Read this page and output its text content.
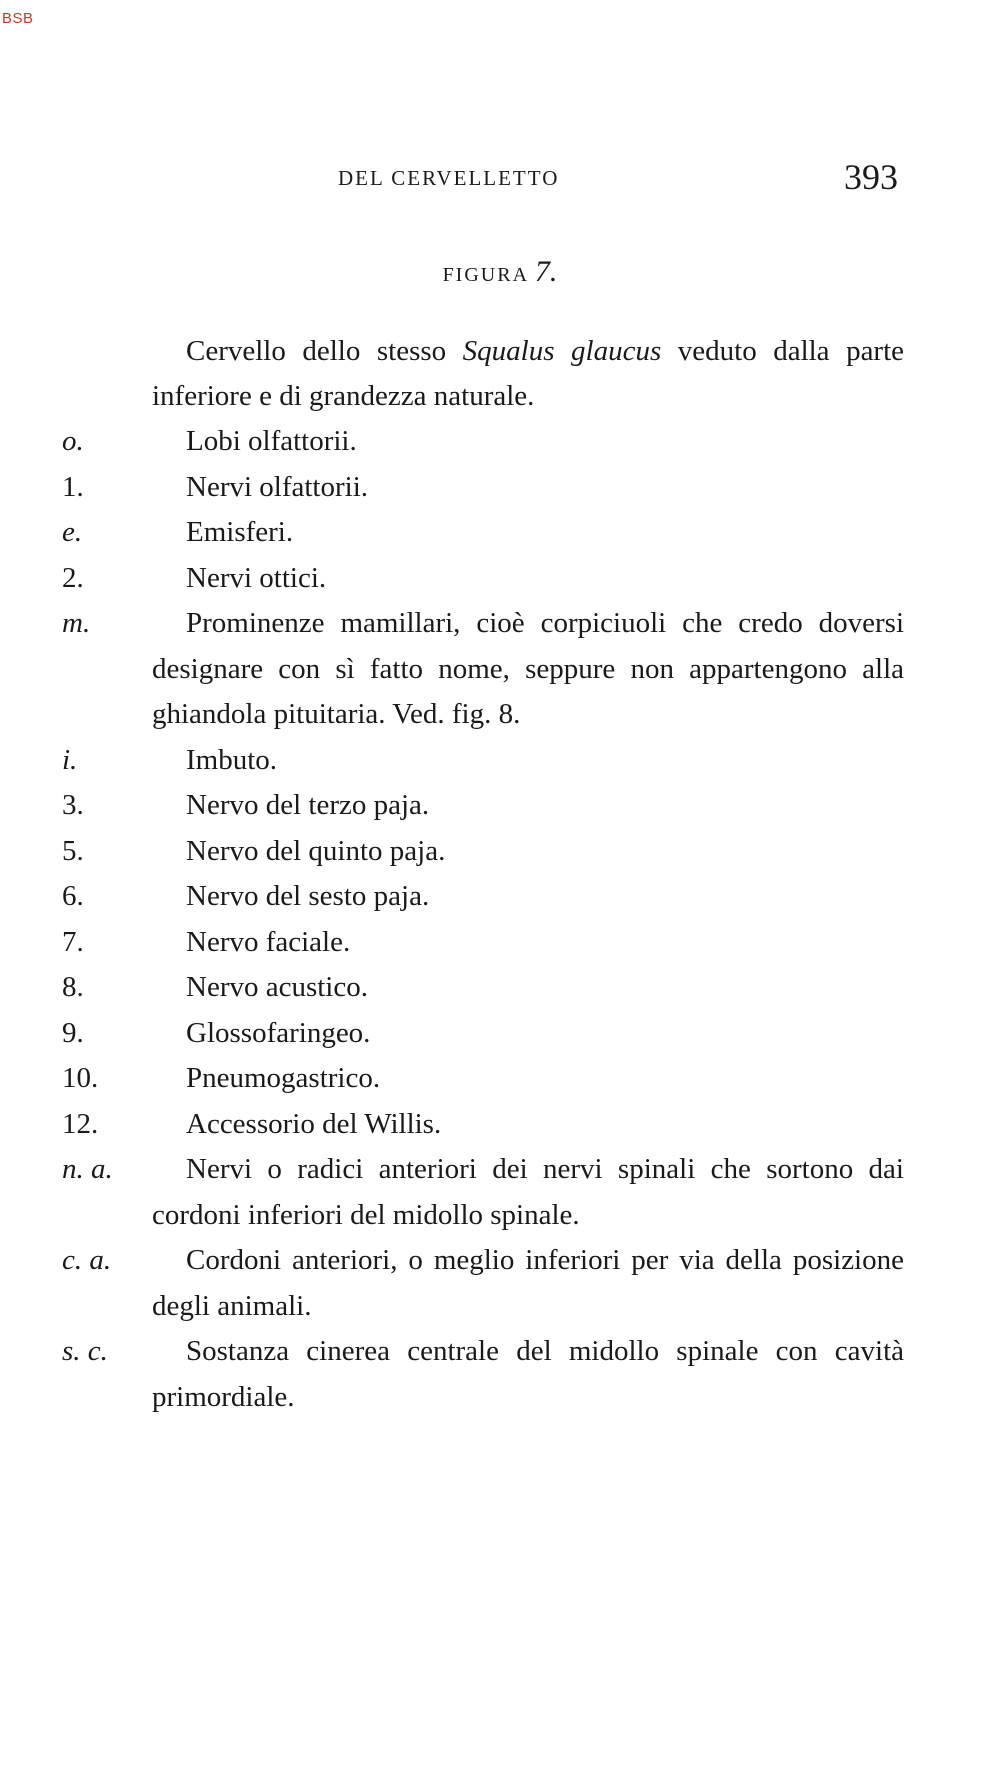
BSB
DEL CERVELLETTO	393
FIGURA 7.

Cervello dello stesso Squalus glaucus veduto dalla parte inferiore e di grandezza naturale.

o.	Lobi olfattorii.
1.	Nervi olfattorii.
e.	Emisferi.
2.	Nervi ottici.
m.	Prominenze mamillari, cioè corpiciuoli che credo doversi designare con sì fatto nome, seppure non appartengono alla ghiandola pituitaria. Ved. fig. 8.
i.	Imbuto.
3.	Nervo del terzo paja.
5.	Nervo del quinto paja.
6.	Nervo del sesto paja.
7.	Nervo faciale.
8.	Nervo acustico.
9.	Glossofaringeo.
10.	Pneumogastrico.
12.	Accessorio del Willis.
n. a.	Nervi o radici anteriori dei nervi spinali che sortono dai cordoni inferiori del midollo spinale.
c. a.	Cordoni anteriori, o meglio inferiori per via della posizione degli animali.
s. c.	Sostanza cinerea centrale del midollo spinale con cavità primordiale.
